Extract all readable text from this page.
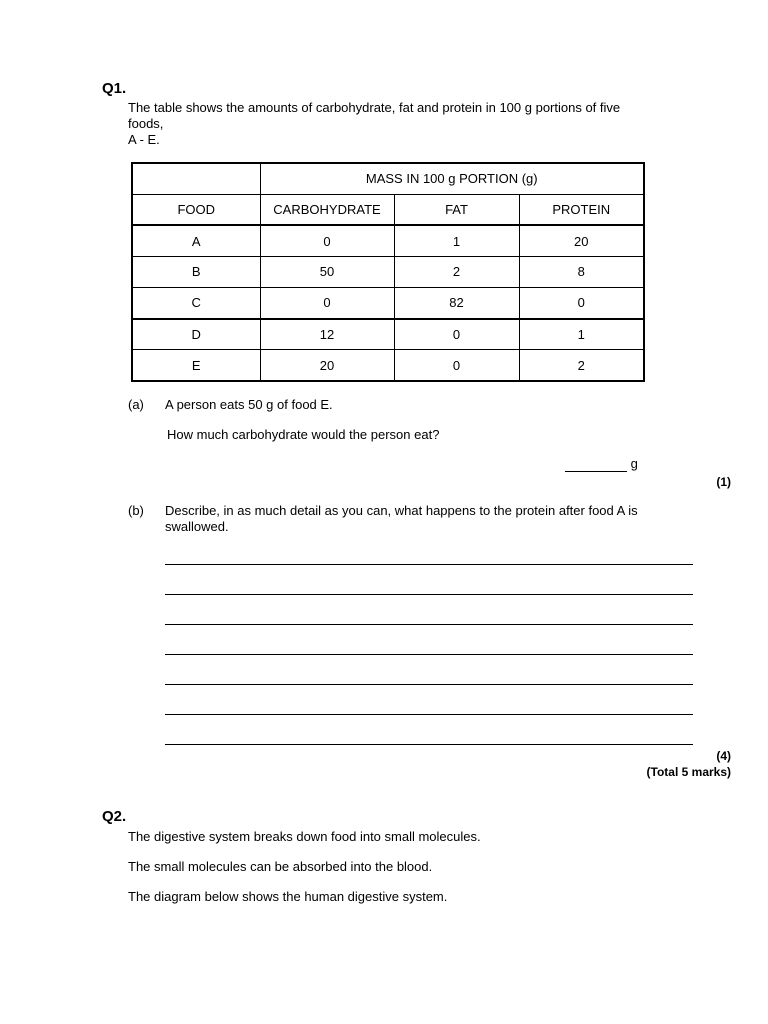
Q1.
The table shows the amounts of carbohydrate, fat and protein in 100 g portions of five
foods,
A - E.
	MASS IN 100 g PORTION (g)		
FOOD	CARBOHYDRATE	FAT	PROTEIN
A	0	1	20
B	50	2	8
C	0	82	0
D	12	0	1
E	20	0	2
(a) A person eats 50 g of food E.
How much carbohydrate would the person eat?
g
(1)
(b) Describe, in as much detail as you can, what happens to the protein after food A is
swallowed.
(4)
(Total 5 marks)
Q2.
The digestive system breaks down food into small molecules.
The small molecules can be absorbed into the blood.
The diagram below shows the human digestive system.
